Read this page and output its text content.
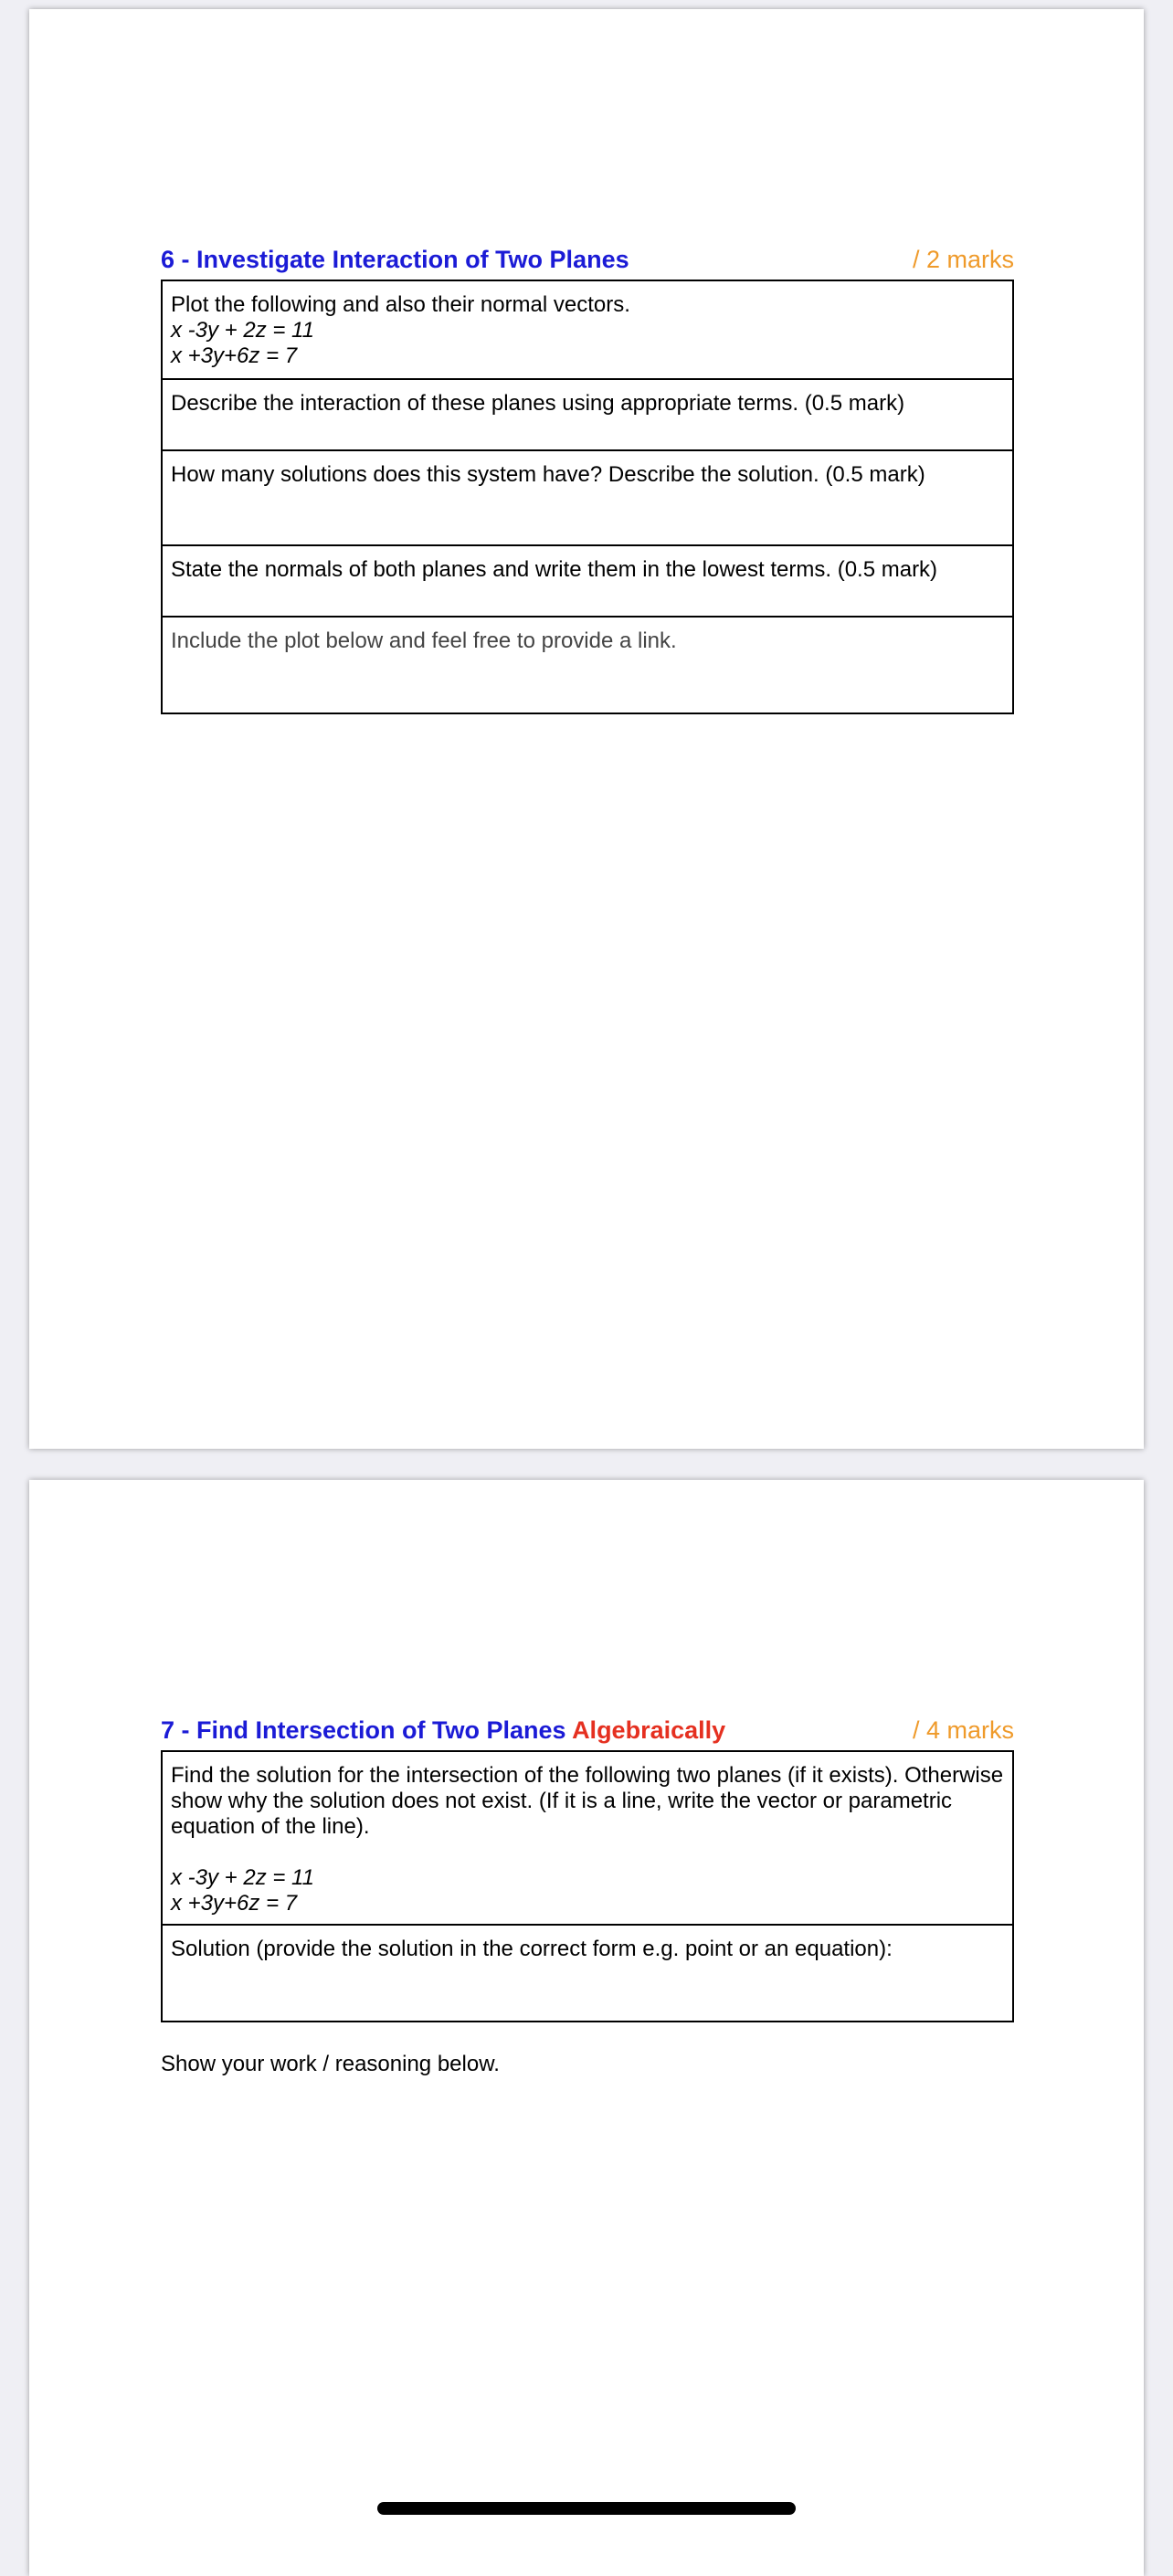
6 - Investigate Interaction of Two Planes	/ 2 marks
Plot the following and also their normal vectors.
x -3y + 2z = 11
x +3y+6z = 7

Describe the interaction of these planes using appropriate terms. (0.5 mark)
How many solutions does this system have? Describe the solution. (0.5 mark)
State the normals of both planes and write them in the lowest terms. (0.5 mark)
Include the plot below and feel free to provide a link.
7 - Find Intersection of Two Planes Algebraically	/ 4 marks
Find the solution for the intersection of the following two planes (if it exists). Otherwise show why the solution does not exist. (If it is a line, write the vector or parametric equation of the line).
x -3y + 2z = 11
x +3y+6z = 7

Solution (provide the solution in the correct form e.g. point or an equation):
Show your work / reasoning below.
